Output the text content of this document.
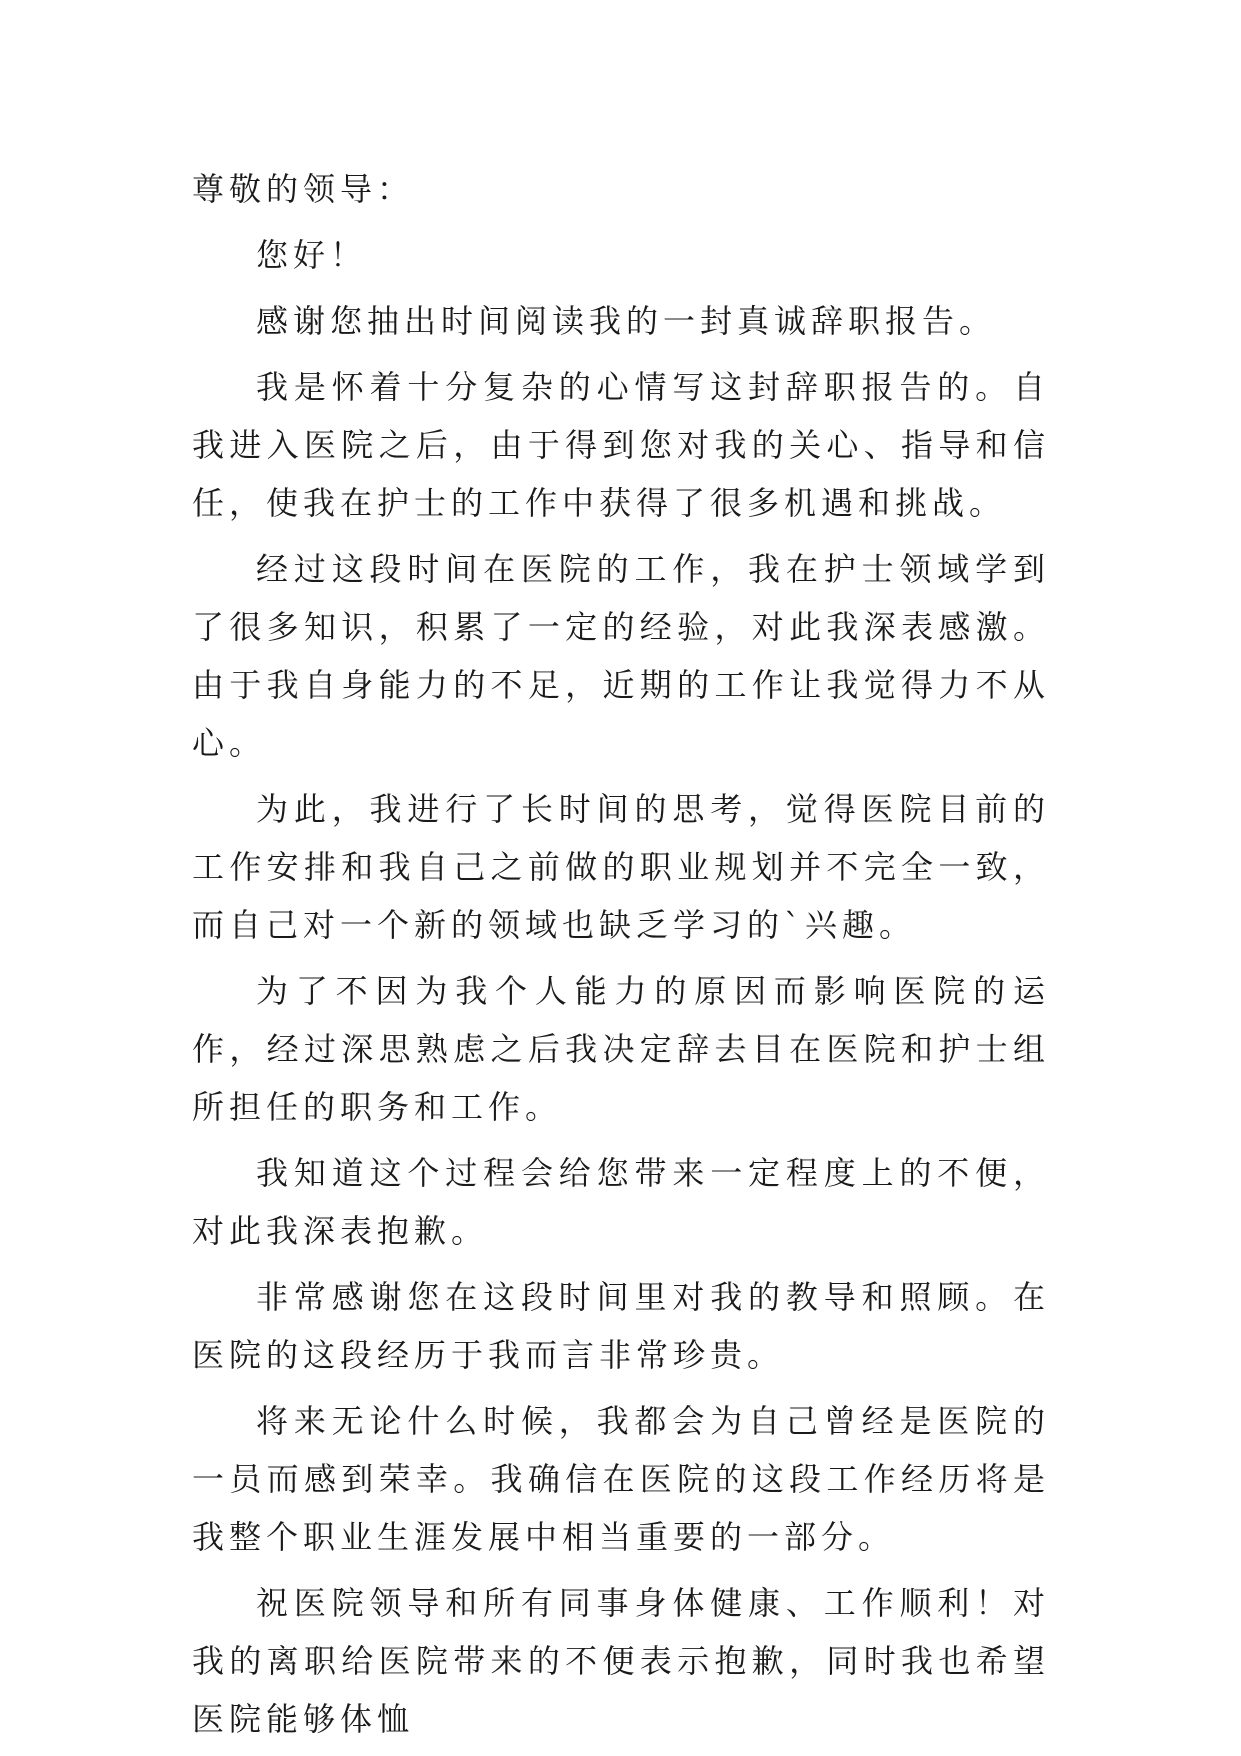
尊敬的领导：

您好！

感谢您抽出时间阅读我的一封真诚辞职报告。

我是怀着十分复杂的心情写这封辞职报告的。自我进入医院之后，由于得到您对我的关心、指导和信任，使我在护士的工作中获得了很多机遇和挑战。

经过这段时间在医院的工作，我在护士领域学到了很多知识，积累了一定的经验，对此我深表感激。由于我自身能力的不足，近期的工作让我觉得力不从心。

为此，我进行了长时间的思考，觉得医院目前的工作安排和我自己之前做的职业规划并不完全一致，而自己对一个新的领域也缺乏学习的`兴趣。

为了不因为我个人能力的原因而影响医院的运作，经过深思熟虑之后我决定辞去目在医院和护士组所担任的职务和工作。

我知道这个过程会给您带来一定程度上的不便，对此我深表抱歉。

非常感谢您在这段时间里对我的教导和照顾。在医院的这段经历于我而言非常珍贵。

将来无论什么时候，我都会为自己曾经是医院的一员而感到荣幸。我确信在医院的这段工作经历将是我整个职业生涯发展中相当重要的一部分。

祝医院领导和所有同事身体健康、工作顺利！对我的离职给医院带来的不便表示抱歉，同时我也希望医院能够体恤
